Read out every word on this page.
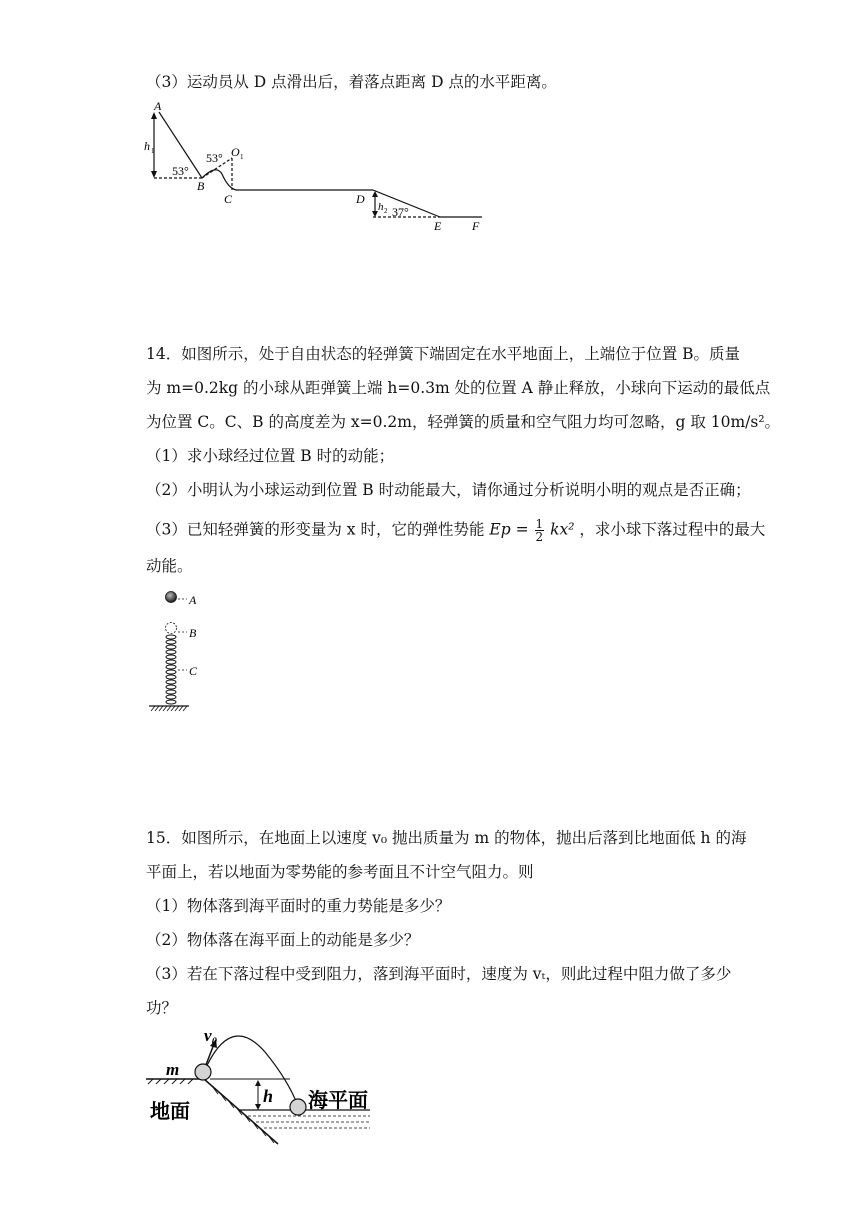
（3）运动员从 D 点滑出后，着落点距离 D 点的水平距离。
A
h 1
53°
53° O 1
B
C	D
h 2 37°
E	F
14．如图所示，处于自由状态的轻弹簧下端固定在水平地面上，上端位于位置 B。质量
为 m=0.2kg 的小球从距弹簧上端 h=0.3m 处的位置 A 静止释放，小球向下运动的最低点
为位置 C。C、B 的高度差为 x=0.2m，轻弹簧的质量和空气阻力均可忽略，g 取 10m/s²。
（1）求小球经过位置 B 时的动能；
（2）小明认为小球运动到位置 B 时动能最大，请你通过分析说明小明的观点是否正确；
（3）已知轻弹簧的形变量为 x 时，它的弹性势能 $Ep = \frac{1}{2} kx^2$ ，求小球下落过程中的最大
动能。
A
B
C
15．如图所示，在地面上以速度 v₀ 抛出质量为 m 的物体，抛出后落到比地面低 h 的海
平面上，若以地面为零势能的参考面且不计空气阻力。则
（1）物体落到海平面时的重力势能是多少？
（2）物体落在海平面上的动能是多少？
（3）若在下落过程中受到阻力，落到海平面时，速度为 vₜ，则此过程中阻力做了多少
功？
v₀
m
h
地面	海平面
